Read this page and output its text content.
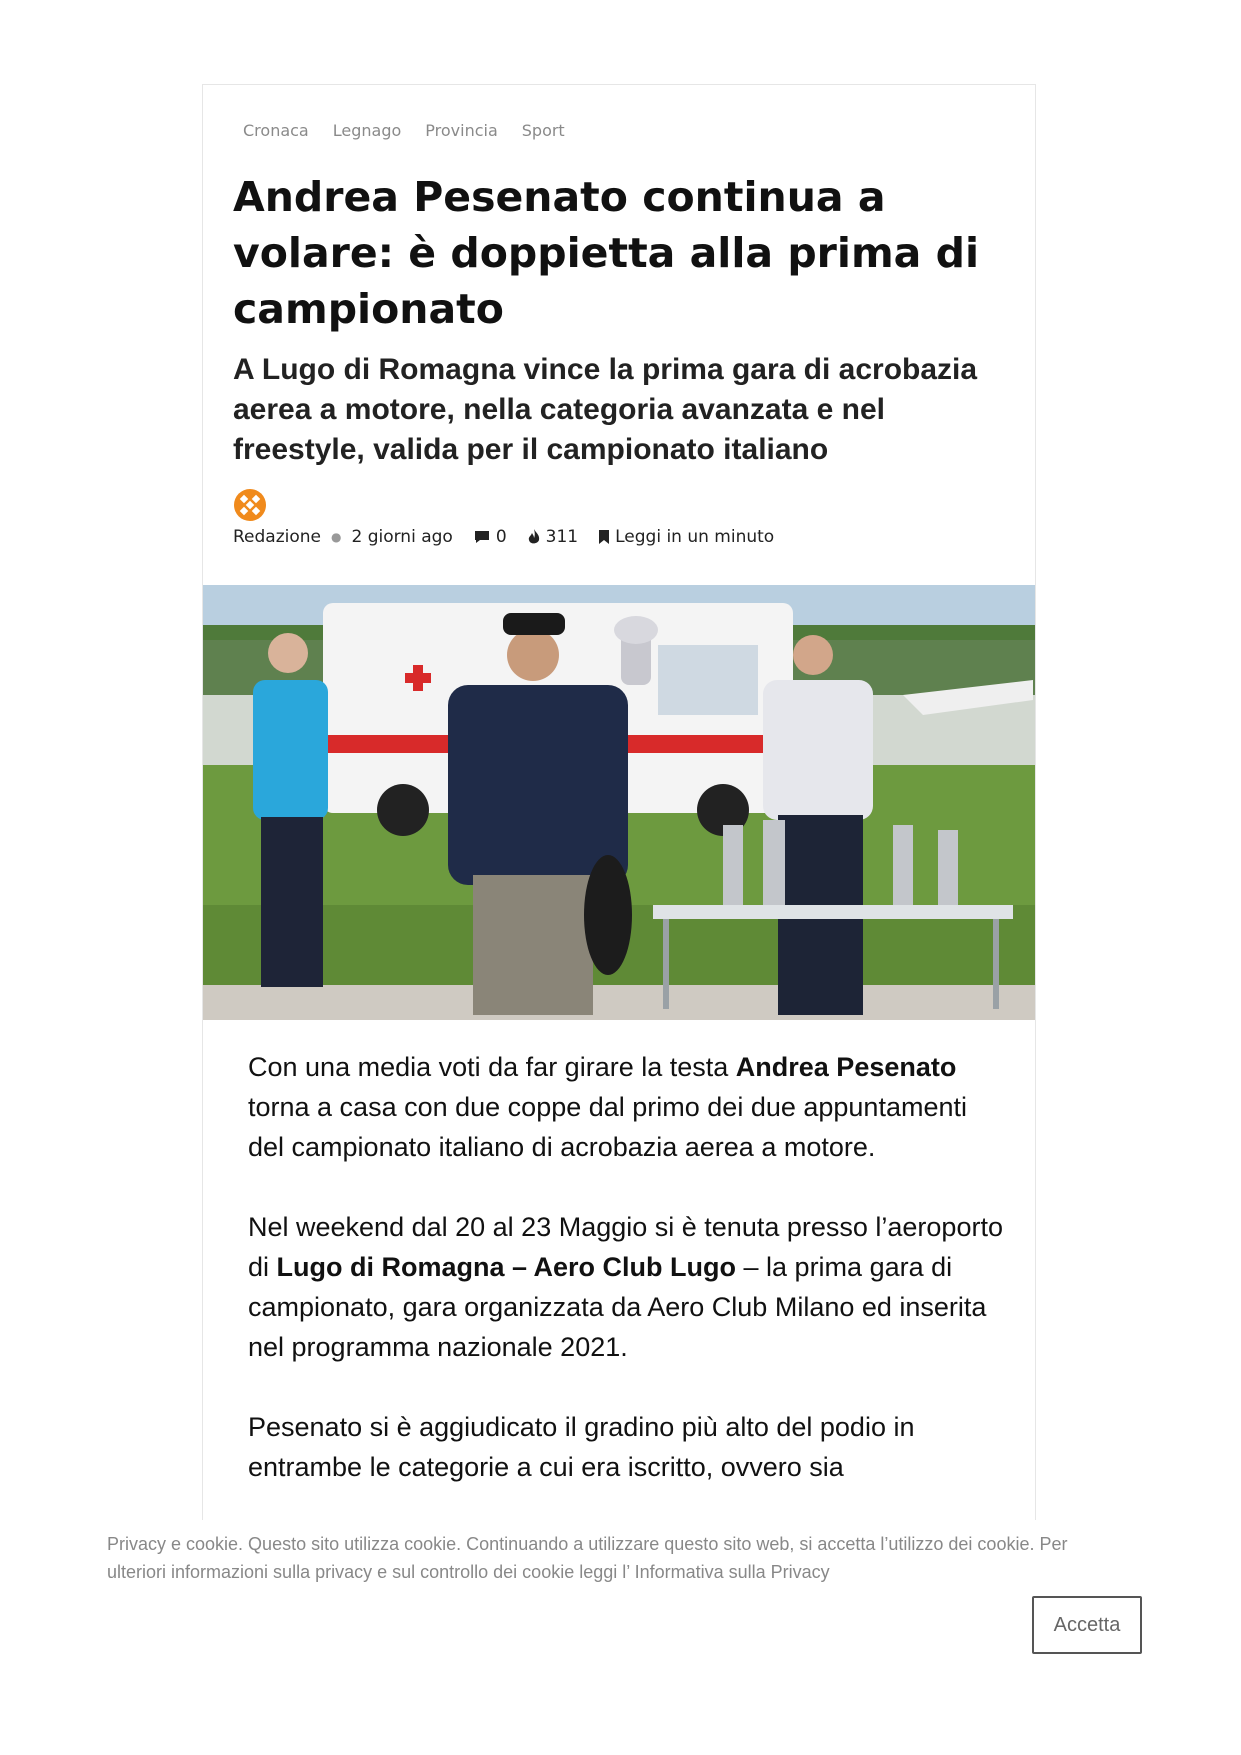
Cronaca Legnago Provincia Sport
Andrea Pesenato continua a volare: è doppietta alla prima di campionato
A Lugo di Romagna vince la prima gara di acrobazia aerea a motore, nella categoria avanzata e nel freestyle, valida per il campionato italiano
Redazione ● 2 giorni ago	0 311 Leggi in un minuto

Con una media voti da far girare la testa Andrea Pesenato torna a casa con due coppe dal primo dei due appuntamenti del campionato italiano di acrobazia aerea a motore.

Nel weekend dal 20 al 23 Maggio si è tenuta presso l’aeroporto di Lugo di Romagna – Aero Club Lugo – la prima gara di campionato, gara organizzata da Aero Club Milano ed inserita nel programma nazionale 2021.

Pesenato si è aggiudicato il gradino più alto del podio in entrambe le categorie a cui era iscritto, ovvero sia

Privacy e cookie. Questo sito utilizza cookie. Continuando a utilizzare questo sito web, si accetta l’utilizzo dei cookie. Per ulteriori informazioni sulla privacy e sul controllo dei cookie leggi l’ Informativa sulla Privacy
Accetta
